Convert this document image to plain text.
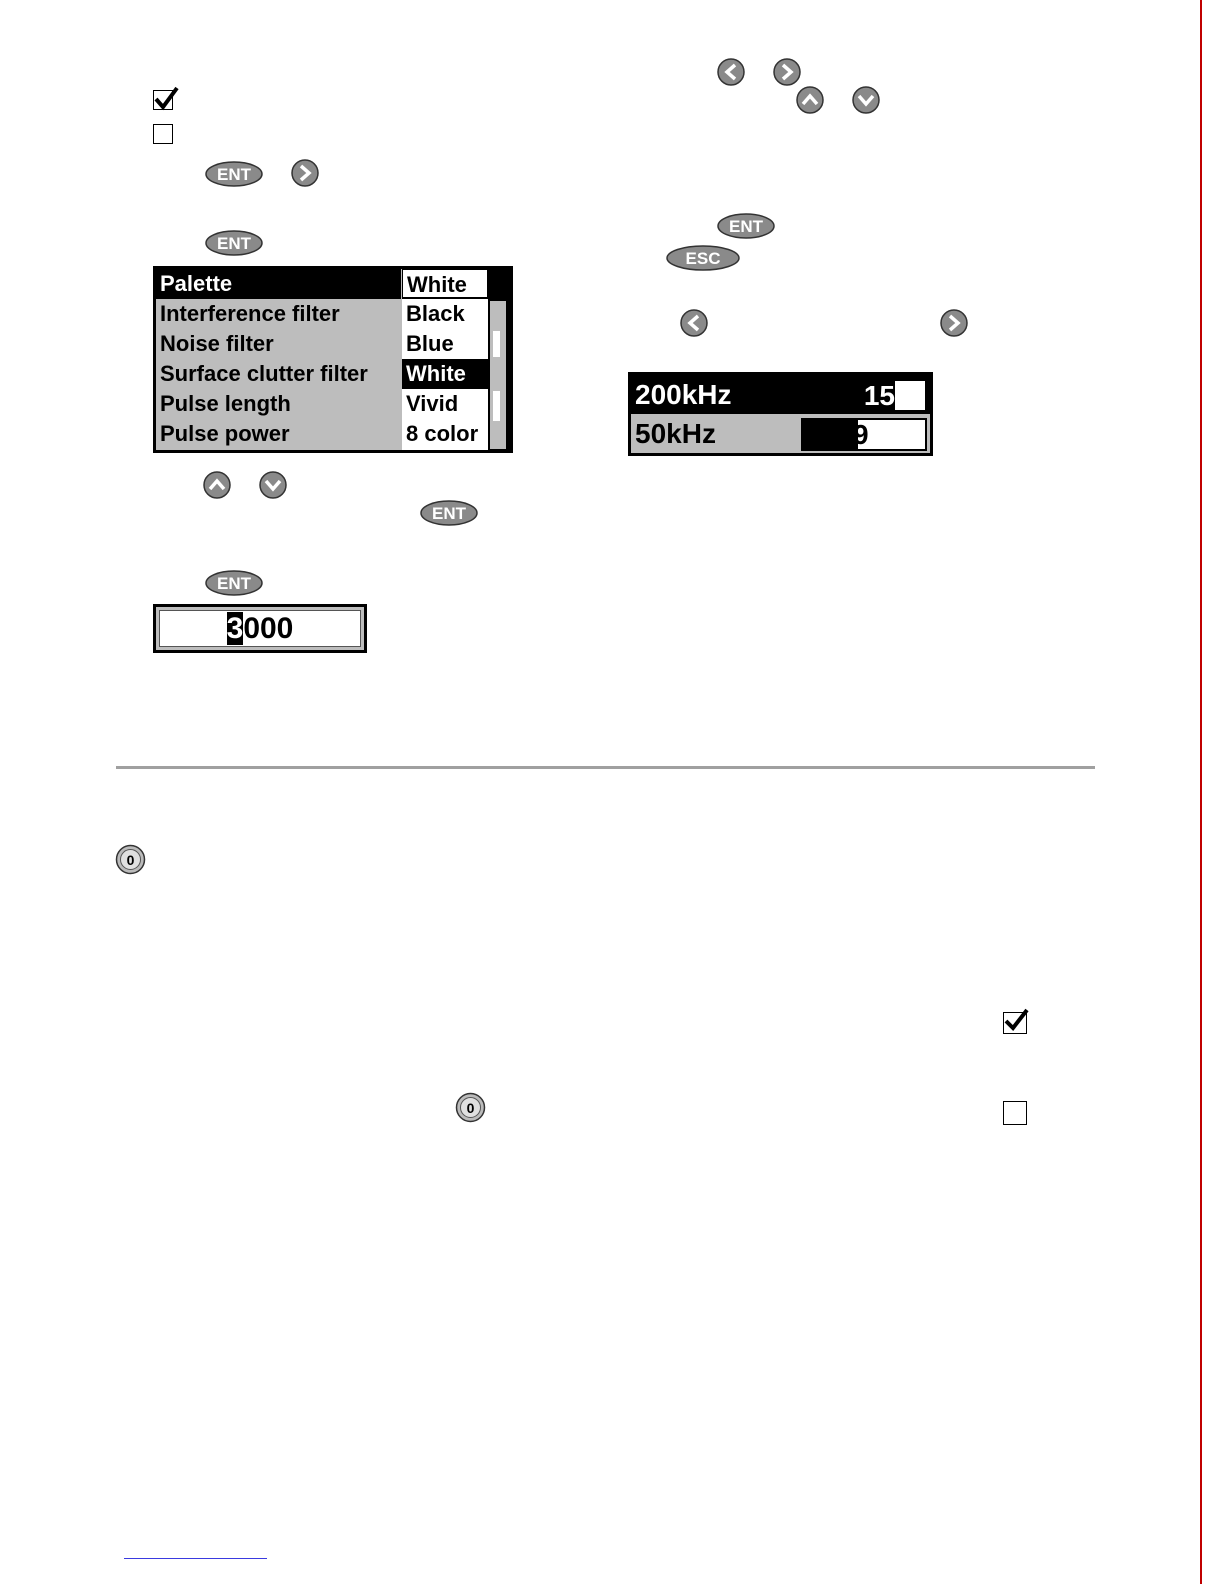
ENT
ENT
Palette
Interference filter
Noise filter
Surface clutter filter
Pulse length
Pulse power
White
Black
Blue
White
Vivid
8 color
ENT
ENT
3000
ENT
ESC
200kHz	15
50kHz	9
0
0
